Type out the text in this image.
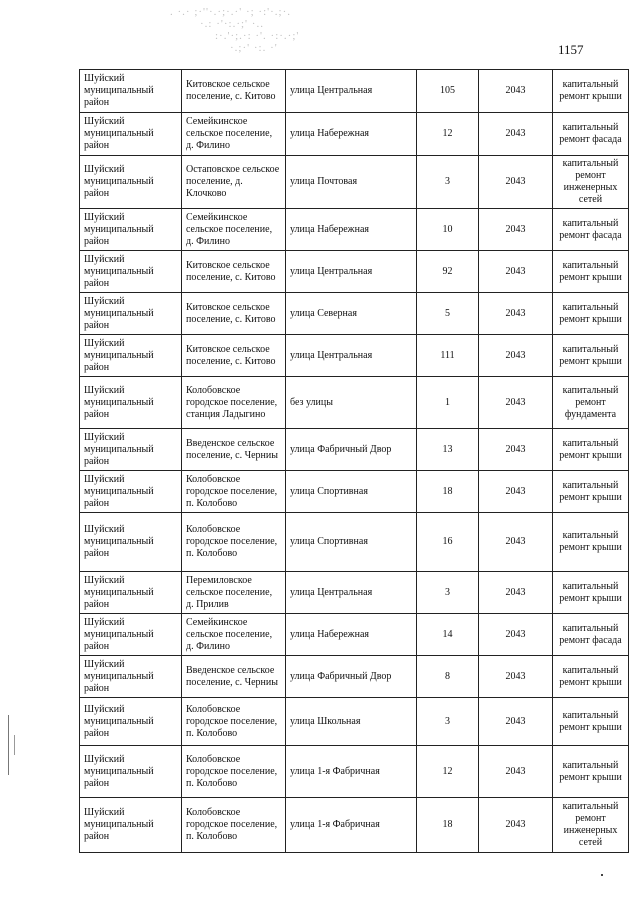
. ·.· ;·''·.·;·.·' ·; ·:'·.;·.
·.: ·'·:.·;' ·..
:·.'·;.·: ·'. ·:·.·;'
·.;·' ·:. ·'	1157
Шуйский муниципальный район	Китовское сельское поселение, с. Китово	улица Центральная	105	2043	капитальный ремонт крыши
Шуйский муниципальный район	Семейкинское сельское поселение, д. Филино	улица Набережная	12	2043	капитальный ремонт фасада
Шуйский муниципальный район	Остаповское сельское поселение, д. Клочково	улица Почтовая	3	2043	капитальный ремонт инженерных сетей
Шуйский муниципальный район	Семейкинское сельское поселение, д. Филино	улица Набережная	10	2043	капитальный ремонт фасада
Шуйский муниципальный район	Китовское сельское поселение, с. Китово	улица Центральная	92	2043	капитальный ремонт крыши
Шуйский муниципальный район	Китовское сельское поселение, с. Китово	улица Северная	5	2043	капитальный ремонт крыши
Шуйский муниципальный район	Китовское сельское поселение, с. Китово	улица Центральная	111	2043	капитальный ремонт крыши
Шуйский муниципальный район	Колобовское городское поселение, станция Ладыгино	без улицы	1	2043	капитальный ремонт фундамента
Шуйский муниципальный район	Введенское сельское поселение, с. Черниы	улица Фабричный Двор	13	2043	капитальный ремонт крыши
Шуйский муниципальный район	Колобовское городское поселение, п. Колобово	улица Спортивная	18	2043	капитальный ремонт крыши
Шуйский муниципальный район	Колобовское городское поселение, п. Колобово	улица Спортивная	16	2043	капитальный ремонт крыши
Шуйский муниципальный район	Перемиловское сельское поселение, д. Прилив	улица Центральная	3	2043	капитальный ремонт крыши
Шуйский муниципальный район	Семейкинское сельское поселение, д. Филино	улица Набережная	14	2043	капитальный ремонт фасада
Шуйский муниципальный район	Введенское сельское поселение, с. Черниы	улица Фабричный Двор	8	2043	капитальный ремонт крыши
Шуйский муниципальный район	Колобовское городское поселение, п. Колобово	улица Школьная	3	2043	капитальный ремонт крыши
Шуйский муниципальный район	Колобовское городское поселение, п. Колобово	улица 1-я Фабричная	12	2043	капитальный ремонт крыши
Шуйский муниципальный район	Колобовское городское поселение, п. Колобово	улица 1-я Фабричная	18	2043	капитальный ремонт инженерных сетей
